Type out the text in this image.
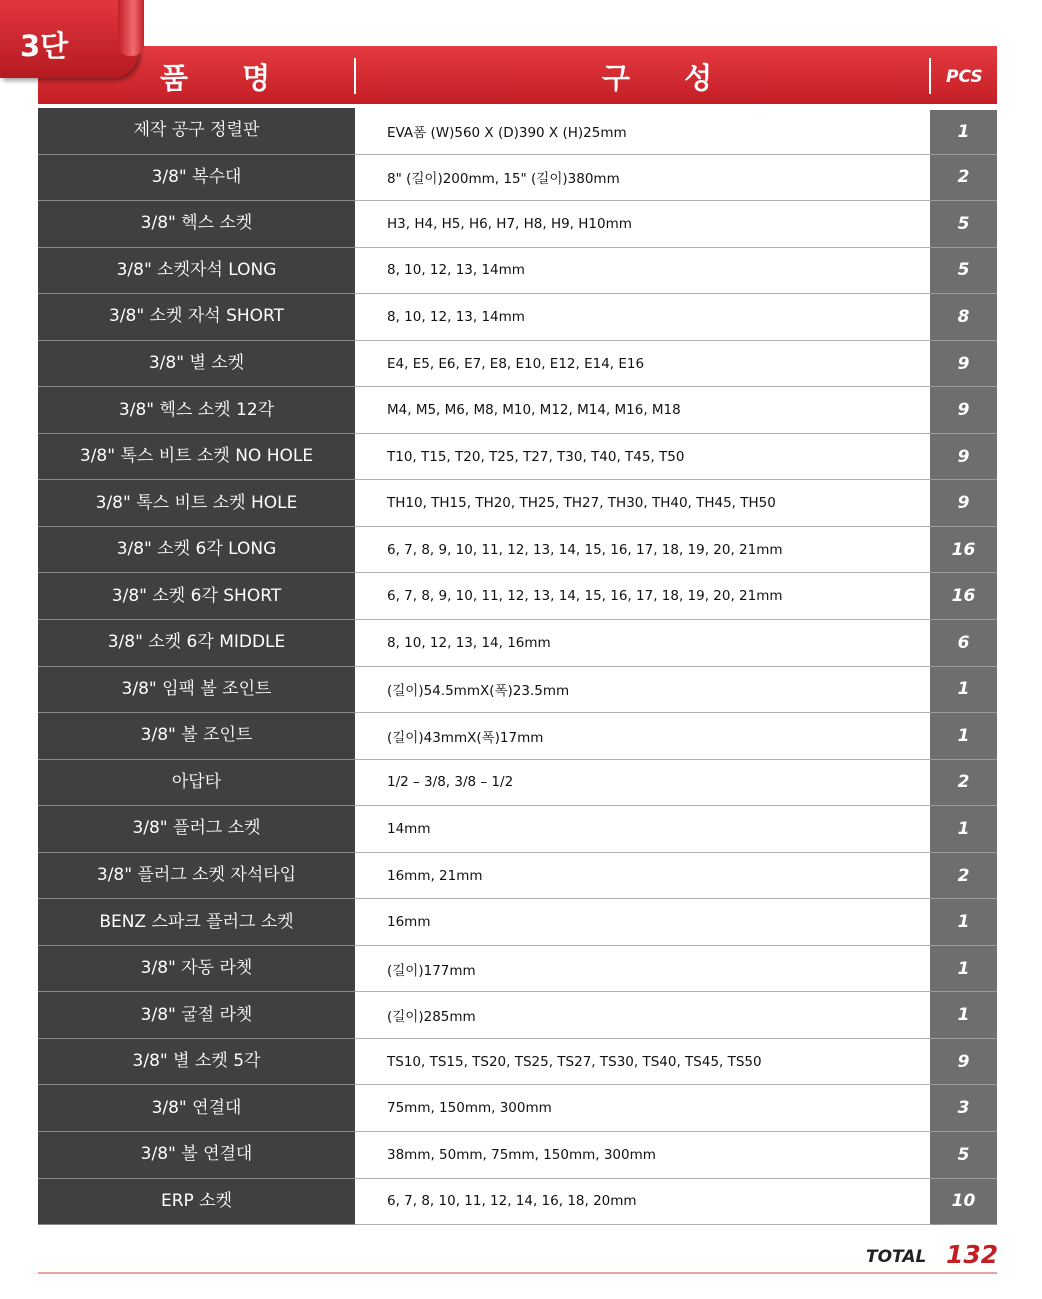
3단
품 명	구 성	PCS
제작 공구 정렬판	EVA폼 (W)560 X (D)390 X (H)25mm	1
3/8" 복수대	8" (길이)200mm, 15" (길이)380mm	2
3/8" 헥스 소켓	H3, H4, H5, H6, H7, H8, H9, H10mm	5
3/8" 소켓자석 LONG	8, 10, 12, 13, 14mm	5
3/8" 소켓 자석 SHORT	8, 10, 12, 13, 14mm	8
3/8" 별 소켓	E4, E5, E6, E7, E8, E10, E12, E14, E16	9
3/8" 헥스 소켓 12각	M4, M5, M6, M8, M10, M12, M14, M16, M18	9
3/8" 톡스 비트 소켓 NO HOLE	T10, T15, T20, T25, T27, T30, T40, T45, T50	9
3/8" 톡스 비트 소켓 HOLE	TH10, TH15, TH20, TH25, TH27, TH30, TH40, TH45, TH50	9
3/8" 소켓 6각 LONG	6, 7, 8, 9, 10, 11, 12, 13, 14, 15, 16, 17, 18, 19, 20, 21mm	16
3/8" 소켓 6각 SHORT	6, 7, 8, 9, 10, 11, 12, 13, 14, 15, 16, 17, 18, 19, 20, 21mm	16
3/8" 소켓 6각 MIDDLE	8, 10, 12, 13, 14, 16mm	6
3/8" 임팩 볼 조인트	(길이)54.5mmX(폭)23.5mm	1
3/8" 볼 조인트	(길이)43mmX(폭)17mm	1
아답타	1/2 – 3/8, 3/8 – 1/2	2
3/8" 플러그 소켓	14mm	1
3/8" 플러그 소켓 자석타입	16mm, 21mm	2
BENZ 스파크 플러그 소켓	16mm	1
3/8" 자동 라쳇	(길이)177mm	1
3/8" 굴절 라쳇	(길이)285mm	1
3/8" 별 소켓 5각	TS10, TS15, TS20, TS25, TS27, TS30, TS40, TS45, TS50	9
3/8" 연결대	75mm, 150mm, 300mm	3
3/8" 볼 연결대	38mm, 50mm, 75mm, 150mm, 300mm	5
ERP 소켓	6, 7, 8, 10, 11, 12, 14, 16, 18, 20mm	10
TOTAL 132
